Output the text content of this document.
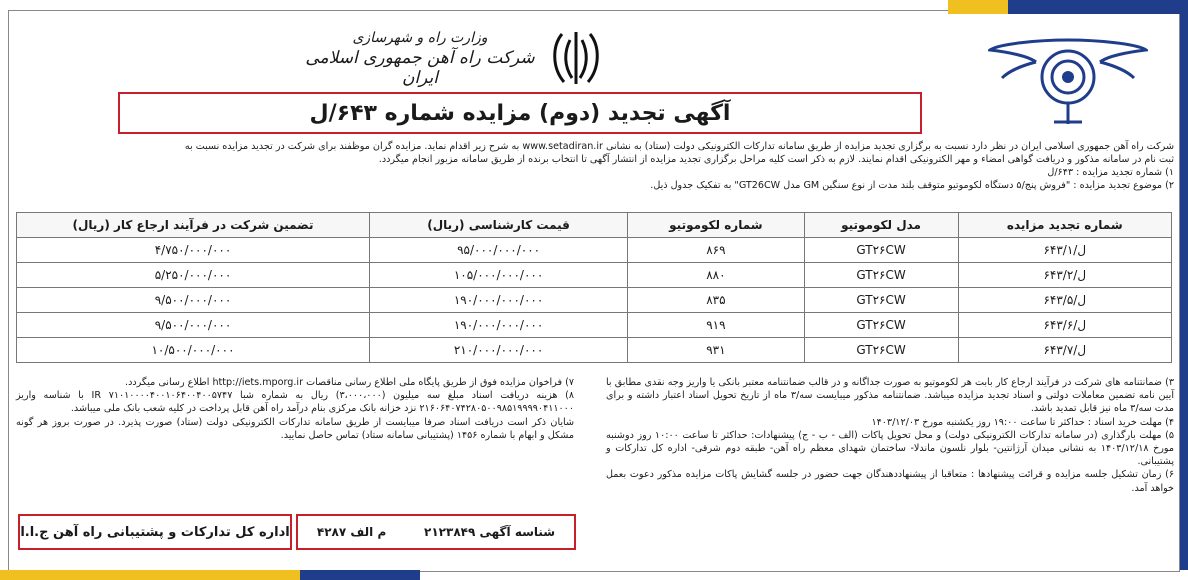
وزارت راه و شهرسازی
شرکت راه آهن جمهوری اسلامی ایران
آگهی تجدید (دوم) مزایده شماره ۶۴۳/ل

شرکت راه آهن جمهوری اسلامی ایران در نظر دارد نسبت به برگزاری تجدید مزایده از طریق سامانه تدارکات الکترونیکی دولت (ستاد) به نشانی www.setadiran.ir به شرح زیر اقدام نماید. مزایده گران موظفند برای شرکت در تجدید مزایده نسبت به

ثبت نام در سامانه مذکور و دریافت گواهی امضاء و مهر الکترونیکی اقدام نمایند. لازم به ذکر است کلیه مراحل برگزاری تجدید مزایده از انتشار آگهی تا انتخاب برنده از طریق سامانه مزبور انجام میگردد.

۱) شماره تجدید مزایده : ۶۴۳/ل

۲) موضوع تجدید مزایده : "فروش پنج/۵ دستگاه لکوموتیو متوقف بلند مدت از نوع سنگین GM مدل GT26CW" به تفکیک جدول ذیل.

شماره تجدید مزایده	مدل لکوموتیو	شماره لکوموتیو	قیمت کارشناسی (ریال)	تضمین شرکت در فرآیند ارجاع کار (ریال)
ل/۶۴۳/۱	GT۲۶CW	۸۶۹	۹۵/۰۰۰/۰۰۰/۰۰۰	۴/۷۵۰/۰۰۰/۰۰۰
ل/۶۴۳/۲	GT۲۶CW	۸۸۰	۱۰۵/۰۰۰/۰۰۰/۰۰۰	۵/۲۵۰/۰۰۰/۰۰۰
ل/۶۴۳/۵	GT۲۶CW	۸۳۵	۱۹۰/۰۰۰/۰۰۰/۰۰۰	۹/۵۰۰/۰۰۰/۰۰۰
ل/۶۴۳/۶	GT۲۶CW	۹۱۹	۱۹۰/۰۰۰/۰۰۰/۰۰۰	۹/۵۰۰/۰۰۰/۰۰۰
ل/۶۴۳/۷	GT۲۶CW	۹۳۱	۲۱۰/۰۰۰/۰۰۰/۰۰۰	۱۰/۵۰۰/۰۰۰/۰۰۰

۳) ضمانتنامه های شرکت در فرآیند ارجاع کار بابت هر لکوموتیو به صورت جداگانه و در قالب ضمانتنامه معتبر بانکی یا واریز وجه نقدی مطابق با آیین نامه تضمین معاملات دولتی و اسناد تجدید مزایده میباشد. ضمانتنامه مذکور میبایست سه/۳ ماه از تاریخ تحویل اسناد اعتبار داشته و برای مدت سه/۳ ماه نیز قابل تمدید باشد.

۴) مهلت خرید اسناد : حداکثر تا ساعت ۱۹:۰۰ روز یکشنبه مورخ ۱۴۰۳/۱۲/۰۳

۵) مهلت بارگذاری (در سامانه تدارکات الکترونیکی دولت) و محل تحویل پاکات (الف - ب - ج) پیشنهادات: حداکثر تا ساعت ۱۰:۰۰ روز دوشنبه مورخ ۱۴۰۳/۱۲/۱۸ به نشانی میدان آرژانتین- بلوار نلسون ماندلا- ساختمان شهدای معظم راه آهن- طبقه دوم شرقی- اداره کل تدارکات و پشتیبانی.

۶) زمان تشکیل جلسه مزایده و قرائت پیشنهادها : متعاقبا از پیشنهاددهندگان جهت حضور در جلسه گشایش پاکات مزایده مذکور دعوت بعمل خواهد آمد.

۷) فراخوان مزایده فوق از طریق پایگاه ملی اطلاع رسانی مناقصات http://iets.mporg.ir اطلاع رسانی میگردد.

۸) هزینه دریافت اسناد مبلغ سه میلیون (۳،۰۰۰،۰۰۰) ریال به شماره شبا IR ۷۱۰۱۰۰۰۰۴۰۰۱۰۶۴۰۰۴۰۰۵۷۴۷ با شناسه واریز ۲۱۶۰۶۴۰۷۴۲۸۰۵۰۰۹۸۵۱۹۹۹۹۰۴۱۱۰۰۰ نزد خزانه بانک مرکزی بنام درآمد راه آهن قابل پرداخت در کلیه شعب بانک ملی میباشد.

شایان ذکر است دریافت اسناد صرفا میبایست از طریق سامانه تدارکات الکترونیکی دولت (ستاد) صورت پذیرد. در صورت بروز هر گونه مشکل و ابهام با شماره ۱۴۵۶ (پشتیبانی سامانه ستاد) تماس حاصل نمایید.

شناسه آگهی ۲۱۲۳۸۴۹
م الف ۴۲۸۷
اداره کل تدارکات و پشتیبانی راه آهن ج.ا.ا
